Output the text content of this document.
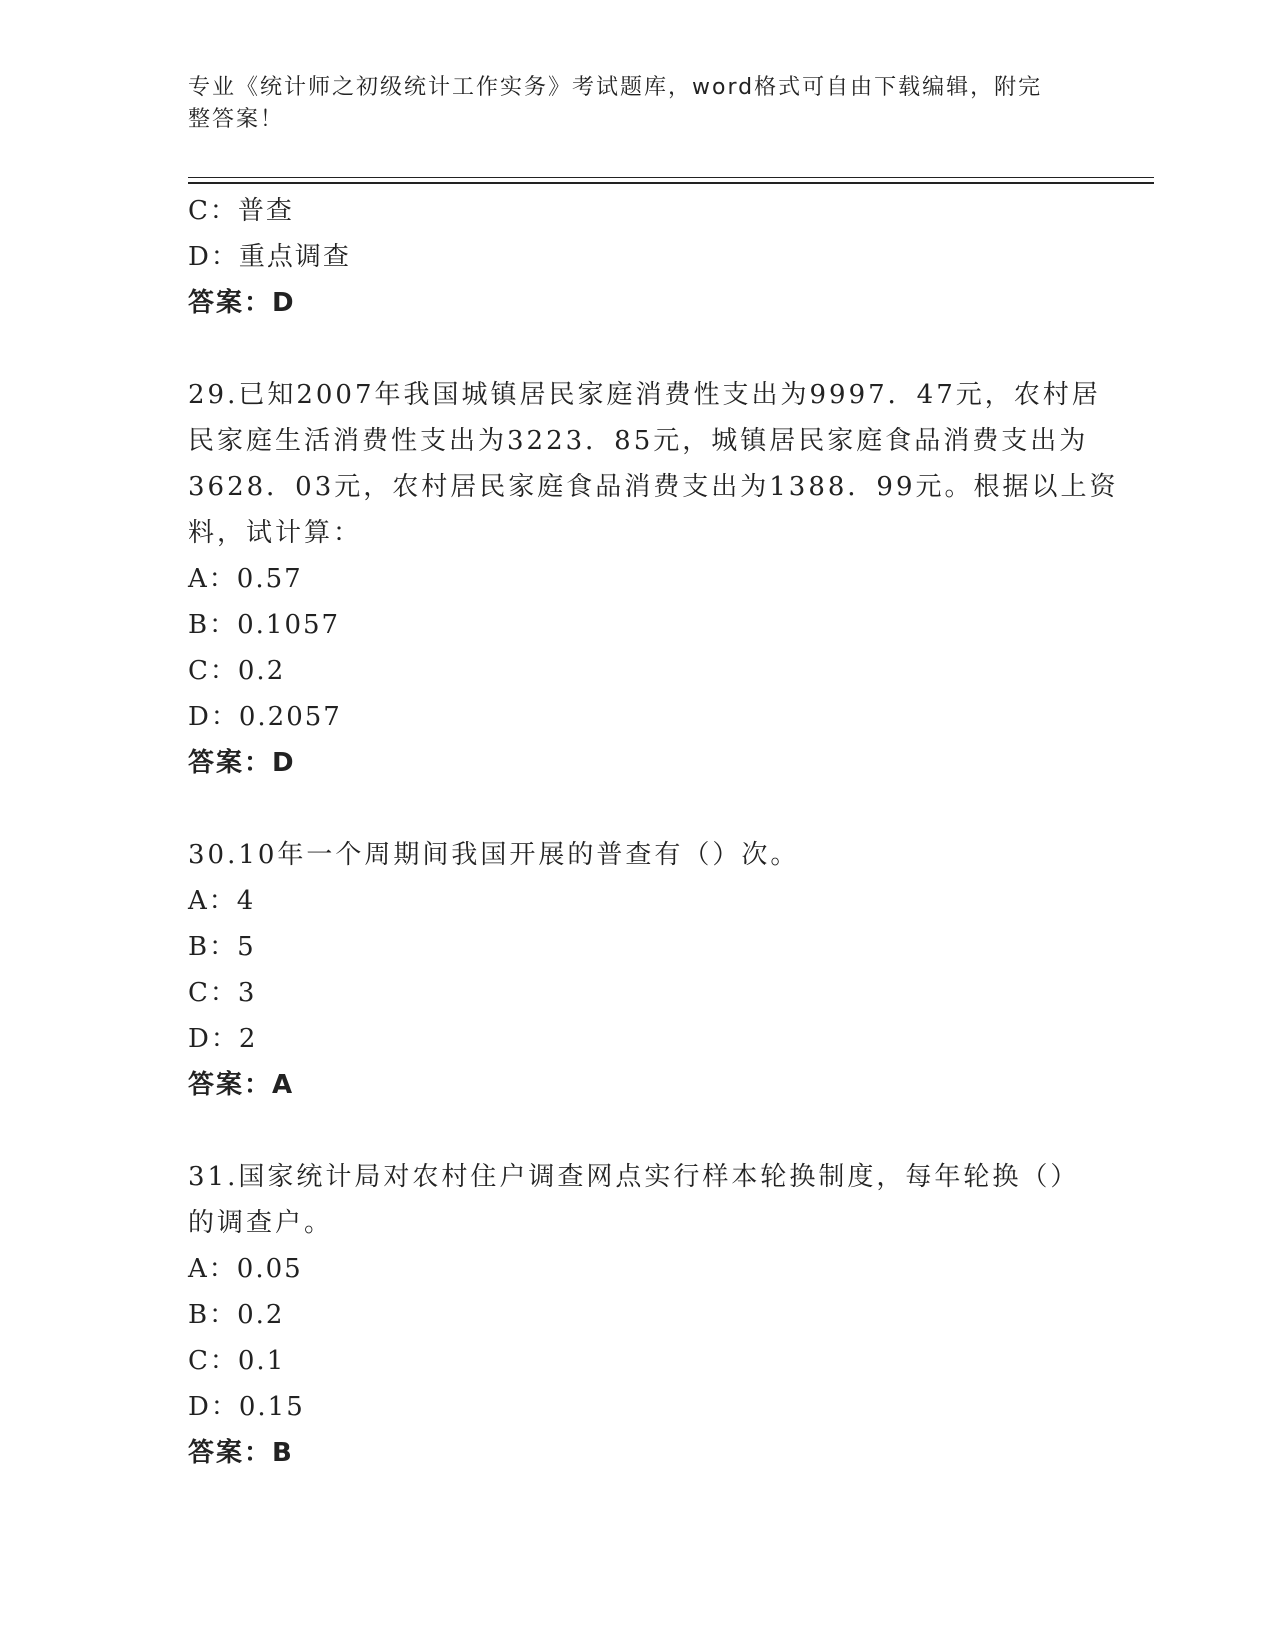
专业《统计师之初级统计工作实务》考试题库，word格式可自由下载编辑，附完
整答案！
C：普查
D：重点调查
答案：D
29.已知2007年我国城镇居民家庭消费性支出为9997．47元，农村居
民家庭生活消费性支出为3223．85元，城镇居民家庭食品消费支出为
3628．03元，农村居民家庭食品消费支出为1388．99元。根据以上资
料，试计算：
A：0.57
B：0.1057
C：0.2
D：0.2057
答案：D
30.10年一个周期间我国开展的普查有（）次。
A：4
B：5
C：3
D：2
答案：A
31.国家统计局对农村住户调查网点实行样本轮换制度，每年轮换（）
的调查户。
A：0.05
B：0.2
C：0.1
D：0.15
答案：B
